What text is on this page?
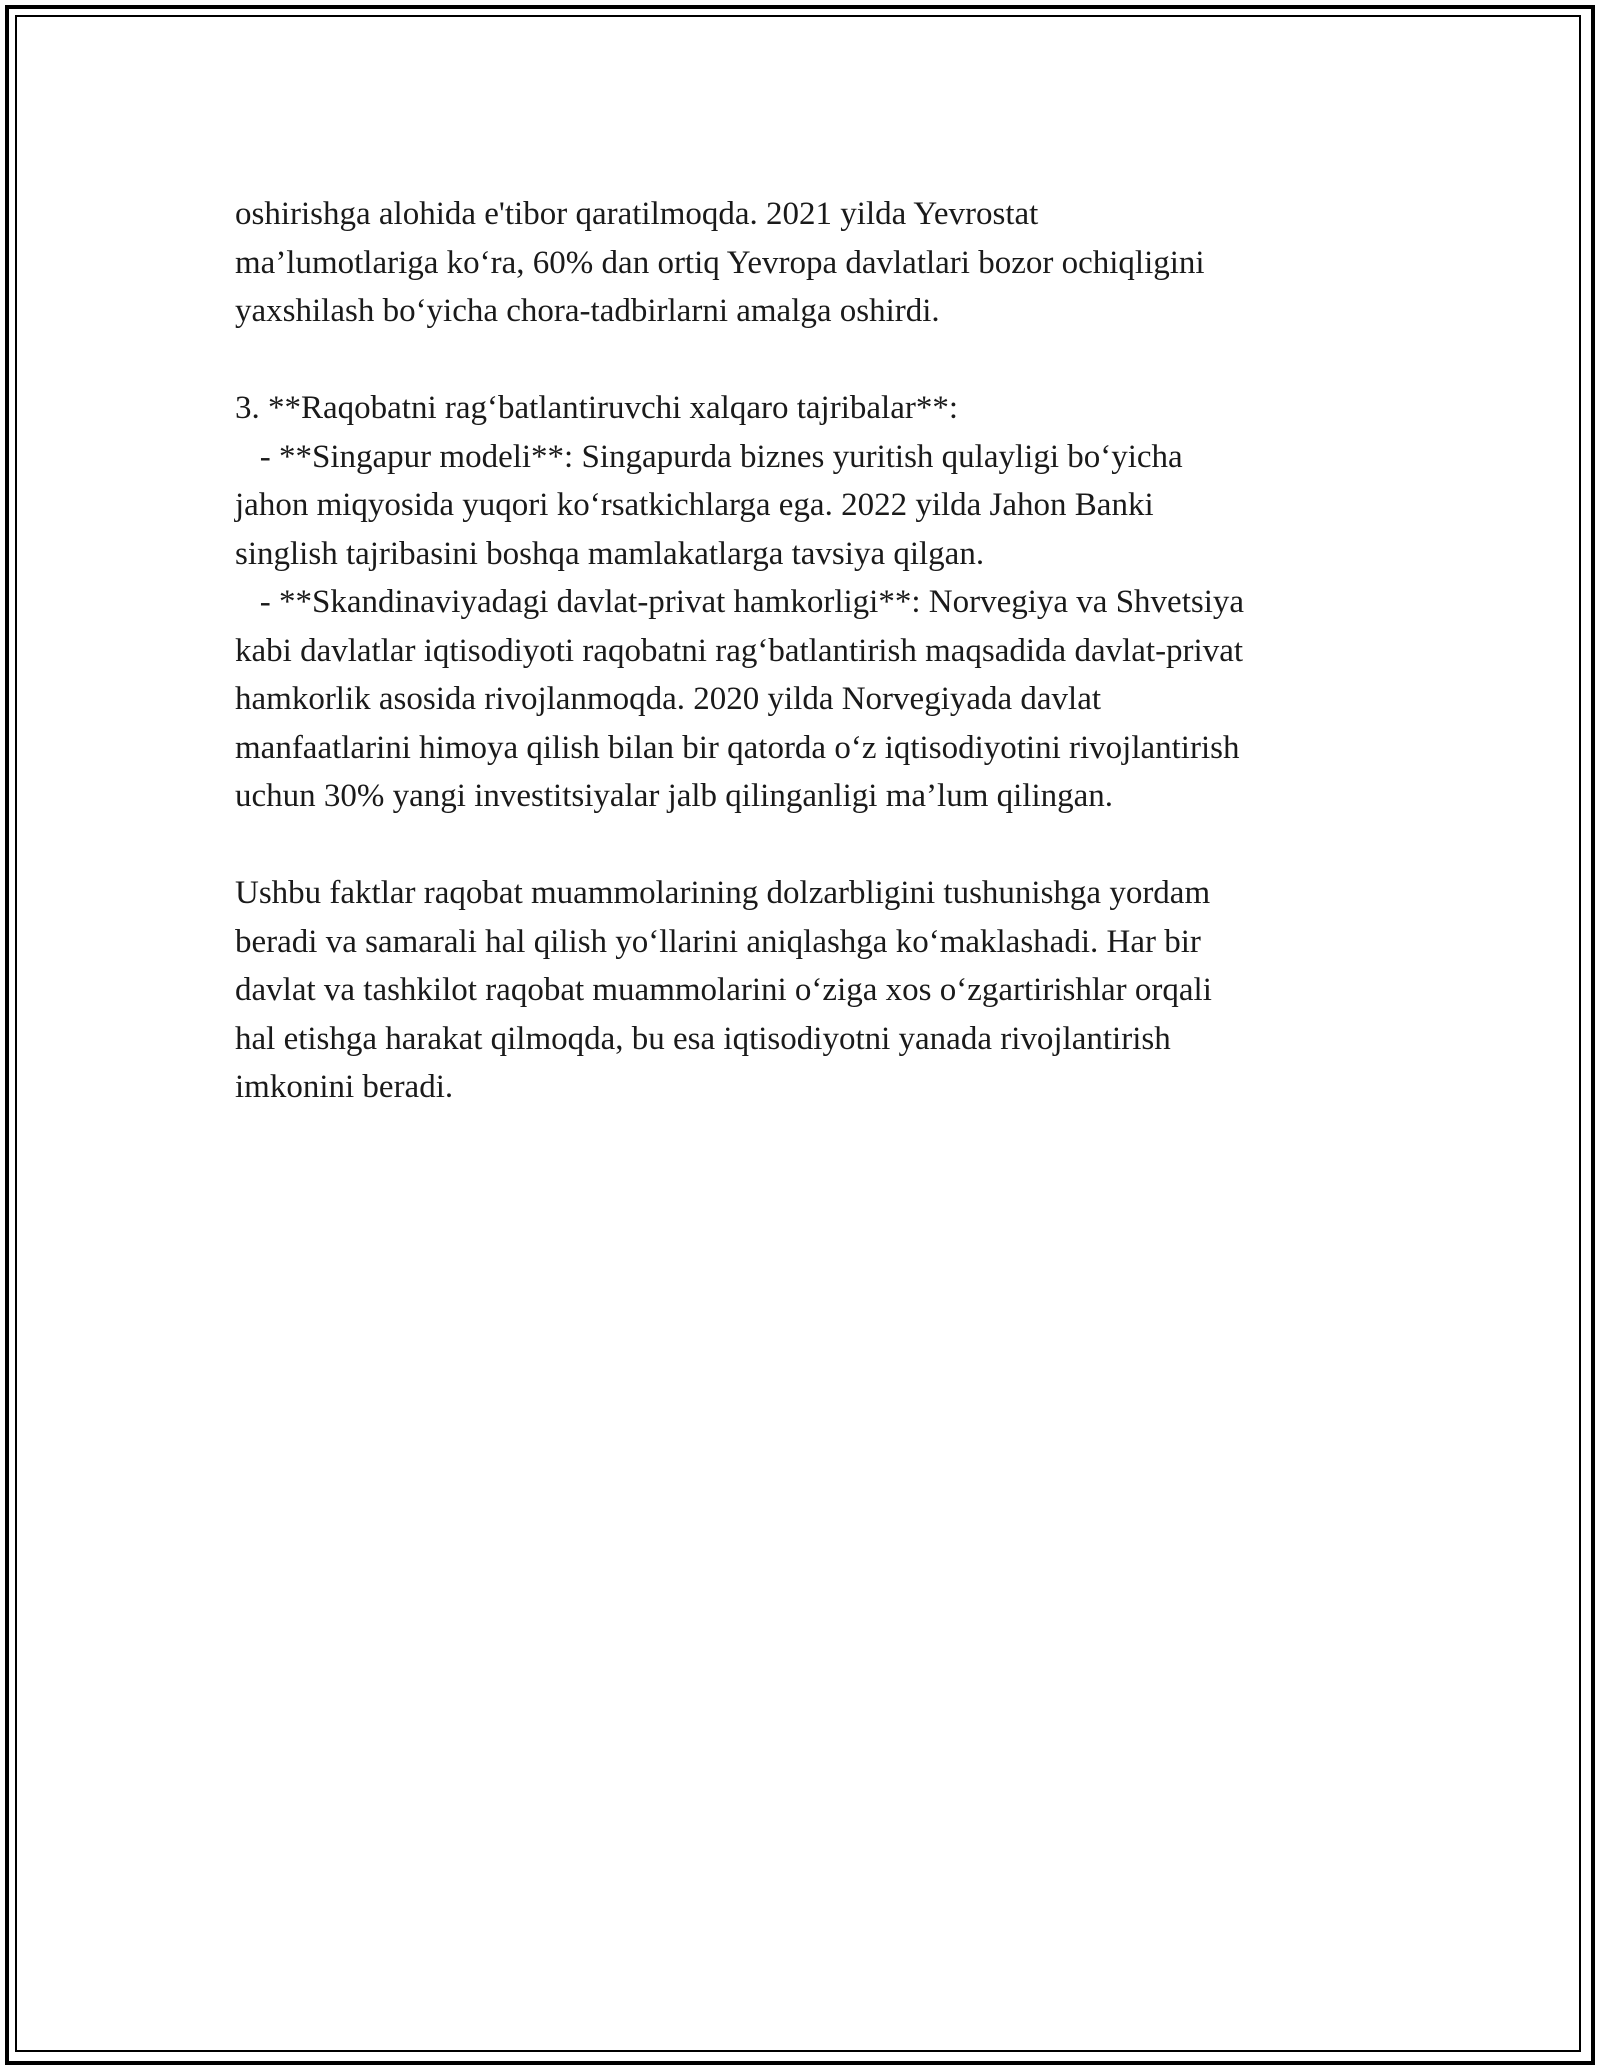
oshirishga alohida e'tibor qaratilmoqda. 2021 yilda Yevrostat
ma’lumotlariga koʻra, 60% dan ortiq Yevropa davlatlari bozor ochiqligini
yaxshilash boʻyicha chora-tadbirlarni amalga oshirdi.
3. **Raqobatni ragʻbatlantiruvchi xalqaro tajribalar**:
- **Singapur modeli**: Singapurda biznes yuritish qulayligi boʻyicha
jahon miqyosida yuqori koʻrsatkichlarga ega. 2022 yilda Jahon Banki
singlish tajribasini boshqa mamlakatlarga tavsiya qilgan.
- **Skandinaviyadagi davlat-privat hamkorligi**: Norvegiya va Shvetsiya
kabi davlatlar iqtisodiyoti raqobatni ragʻbatlantirish maqsadida davlat-privat
hamkorlik asosida rivojlanmoqda. 2020 yilda Norvegiyada davlat
manfaatlarini himoya qilish bilan bir qatorda oʻz iqtisodiyotini rivojlantirish
uchun 30% yangi investitsiyalar jalb qilinganligi ma’lum qilingan.
Ushbu faktlar raqobat muammolarining dolzarbligini tushunishga yordam
beradi va samarali hal qilish yoʻllarini aniqlashga koʻmaklashadi. Har bir
davlat va tashkilot raqobat muammolarini oʻziga xos oʻzgartirishlar orqali
hal etishga harakat qilmoqda, bu esa iqtisodiyotni yanada rivojlantirish
imkonini beradi.
